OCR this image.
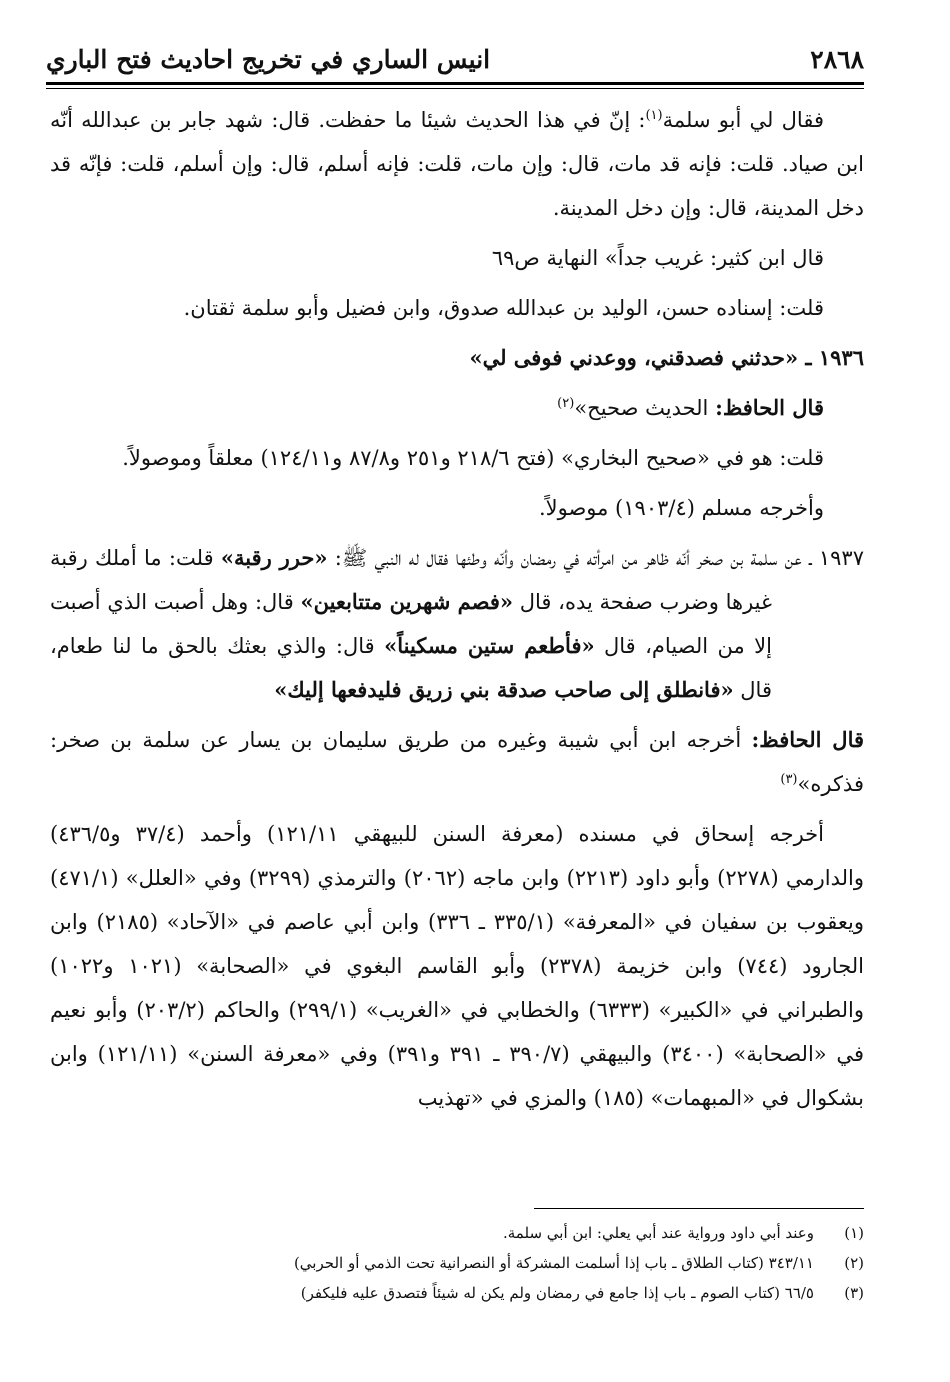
٢٨٦٨
انيس الساري في تخريج احاديث فتح الباري

فقال لي أبو سلمة$^{(١)}$: إنّ في هذا الحديث شيئا ما حفظت. قال: شهد جابر بن عبدالله أنّه ابن صياد. قلت: فإنه قد مات، قال: وإن مات، قلت: فإنه أسلم، قال: وإن أسلم، قلت: فإنّه قد دخل المدينة، قال: وإن دخل المدينة.

قال ابن كثير: غريب جداً» النهاية ص٦٩

قلت: إسناده حسن، الوليد بن عبدالله صدوق، وابن فضيل وأبو سلمة ثقتان.

١٩٣٦ ـ «حدثني فصدقني، ووعدني فوفى لي»

قال الحافظ: الحديث صحيح»$^{(٢)}$

قلت: هو في «صحيح البخاري» (فتح ٢١٨/٦ و٢٥١ و٨٧/٨ و١٢٤/١١) معلقاً وموصولاً.

وأخرجه مسلم (١٩٠٣/٤) موصولاً.

١٩٣٧ ـ عن سلمة بن صخر أنّه ظاهر من امرأته في رمضان وأنّه وطئها فقال له النبي ﷺ: «حرر رقبة» قلت: ما أملك رقبة غيرها وضرب صفحة يده، قال «فصم شهرين متتابعين» قال: وهل أصبت الذي أصبت إلا من الصيام، قال «فأطعم ستين مسكيناً» قال: والذي بعثك بالحق ما لنا طعام، قال «فانطلق إلى صاحب صدقة بني زريق فليدفعها إليك»

قال الحافظ: أخرجه ابن أبي شيبة وغيره من طريق سليمان بن يسار عن سلمة بن صخر: فذكره»$^{(٣)}$

أخرجه إسحاق في مسنده (معرفة السنن للبيهقي ١٢١/١١) وأحمد (٣٧/٤ و٤٣٦/٥) والدارمي (٢٢٧٨) وأبو داود (٢٢١٣) وابن ماجه (٢٠٦٢) والترمذي (٣٢٩٩) وفي «العلل» (٤٧١/١) ويعقوب بن سفيان في «المعرفة» (٣٣٥/١ ـ ٣٣٦) وابن أبي عاصم في «الآحاد» (٢١٨٥) وابن الجارود (٧٤٤) وابن خزيمة (٢٣٧٨) وأبو القاسم البغوي في «الصحابة» (١٠٢١ و١٠٢٢) والطبراني في «الكبير» (٦٣٣٣) والخطابي في «الغريب» (٢٩٩/١) والحاكم (٢٠٣/٢) وأبو نعيم في «الصحابة» (٣٤٠٠) والبيهقي (٣٩٠/٧ ـ ٣٩١ و٣٩١) وفي «معرفة السنن» (١٢١/١١) وابن بشكوال في «المبهمات» (١٨٥) والمزي في «تهذيب

(١)
وعند أبي داود ورواية عند أبي يعلي: ابن أبي سلمة.
(٢)
٣٤٣/١١ (كتاب الطلاق ـ باب إذا أسلمت المشركة أو النصرانية تحت الذمي أو الحربي)
(٣)
٦٦/٥ (كتاب الصوم ـ باب إذا جامع في رمضان ولم يكن له شيئاً فتصدق عليه فليكفر)
